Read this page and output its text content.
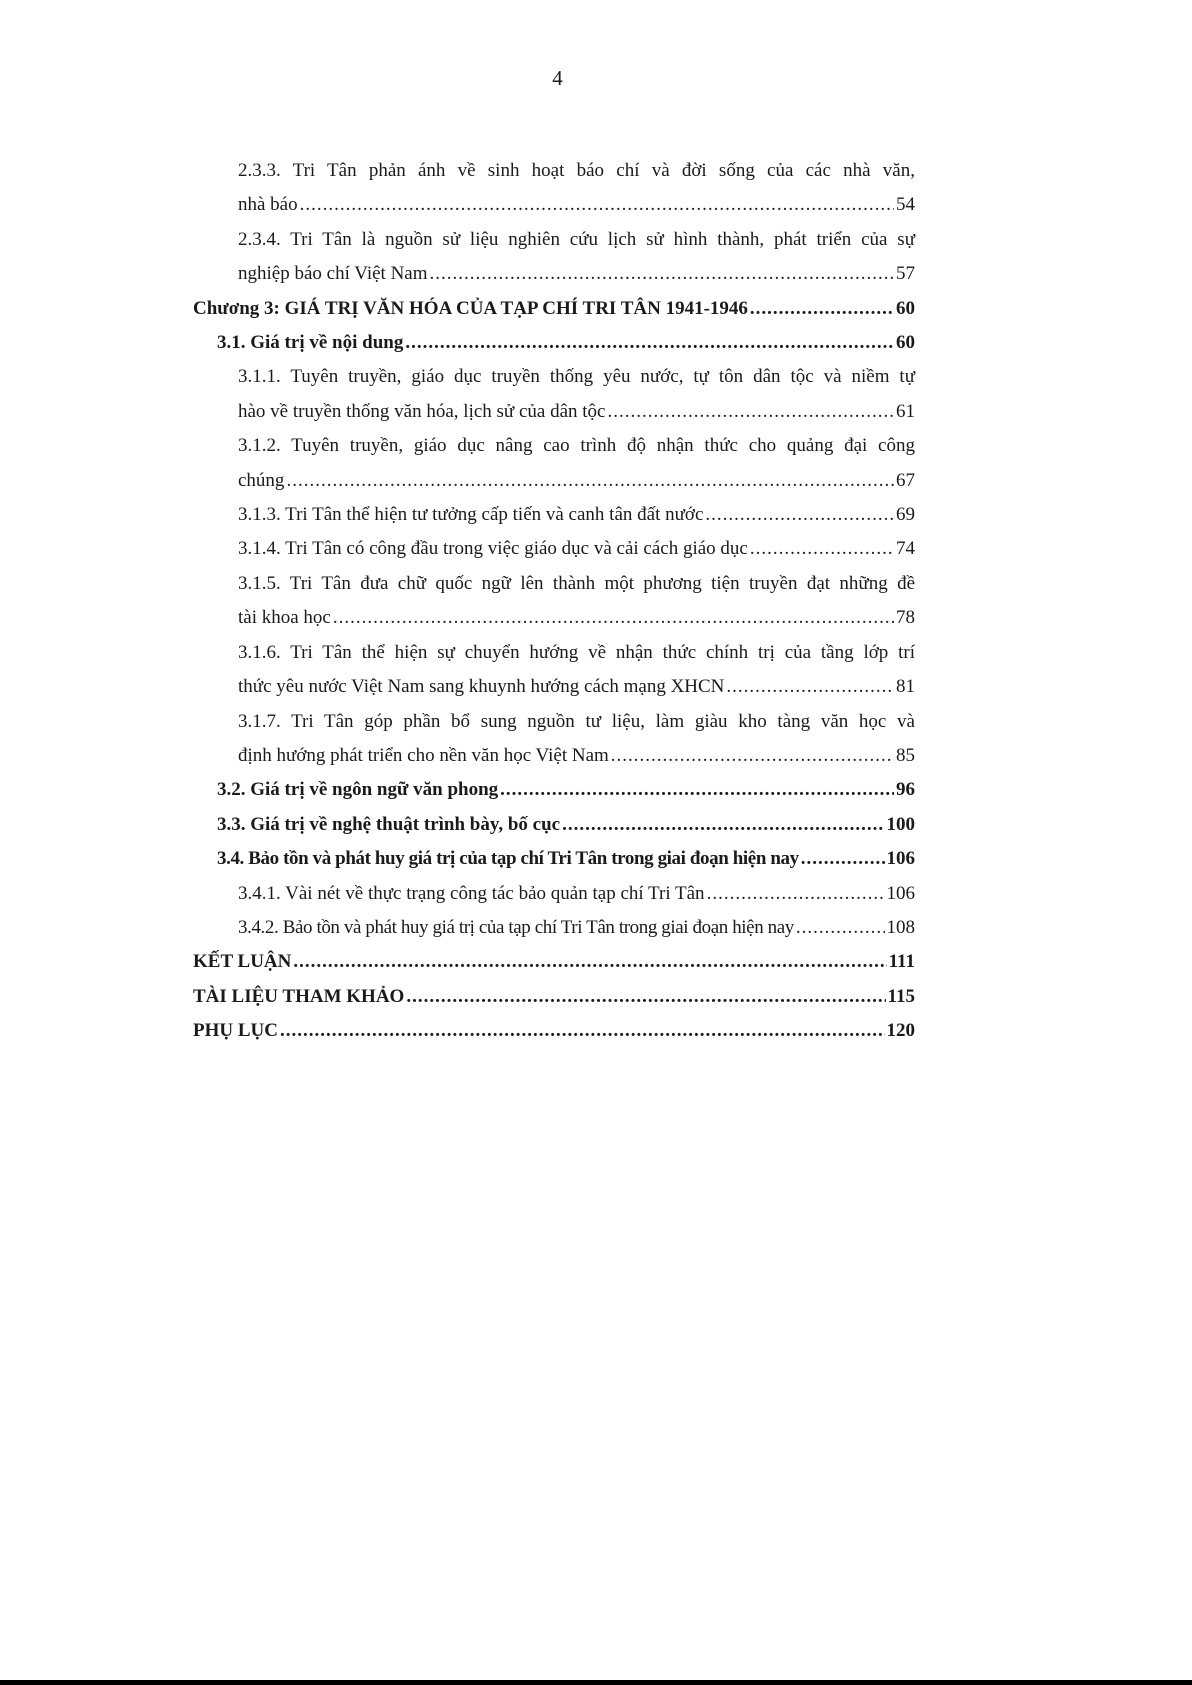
4
2.3.3. Tri Tân phản ánh về sinh hoạt báo chí và đời sống của các nhà văn,
nhà báo .....	54
2.3.4. Tri Tân là nguồn sử liệu nghiên cứu lịch sử hình thành, phát triển của sự
nghiệp báo chí Việt Nam .....	57
Chương 3: GIÁ TRỊ VĂN HÓA CỦA TẠP CHÍ TRI TÂN 1941-1946 .....	60
3.1. Giá trị về nội dung .....	60
3.1.1. Tuyên truyền, giáo dục truyền thống yêu nước, tự tôn dân tộc và niềm tự
hào về truyền thống văn hóa, lịch sử của dân tộc .....	61
3.1.2. Tuyên truyền, giáo dục nâng cao trình độ nhận thức cho quảng đại công
chúng .....	67
3.1.3. Tri Tân thể hiện tư tưởng cấp tiến và canh tân đất nước .....	69
3.1.4. Tri Tân có công đầu trong việc giáo dục và cải cách giáo dục .....	74
3.1.5. Tri Tân đưa chữ quốc ngữ lên thành một phương tiện truyền đạt những đề
tài khoa học .....	78
3.1.6. Tri Tân thể hiện sự chuyển hướng về nhận thức chính trị của tầng lớp trí
thức yêu nước Việt Nam sang khuynh hướng cách mạng XHCN .....	81
3.1.7. Tri Tân góp phần bổ sung nguồn tư liệu, làm giàu kho tàng văn học và
định hướng phát triển cho nền văn học Việt Nam .....	85
3.2. Giá trị về ngôn ngữ văn phong .....	96
3.3. Giá trị về nghệ thuật trình bày, bố cục .....	100
3.4. Bảo tồn và phát huy giá trị của tạp chí Tri Tân trong giai đoạn hiện nay .....	106
3.4.1. Vài nét về thực trạng công tác bảo quản tạp chí Tri Tân .....	106
3.4.2. Bảo tồn và phát huy giá trị của tạp chí Tri Tân trong giai đoạn hiện nay .....	108
KẾT LUẬN .....	111
TÀI LIỆU THAM KHẢO .....	115
PHỤ LỤC .....	120
